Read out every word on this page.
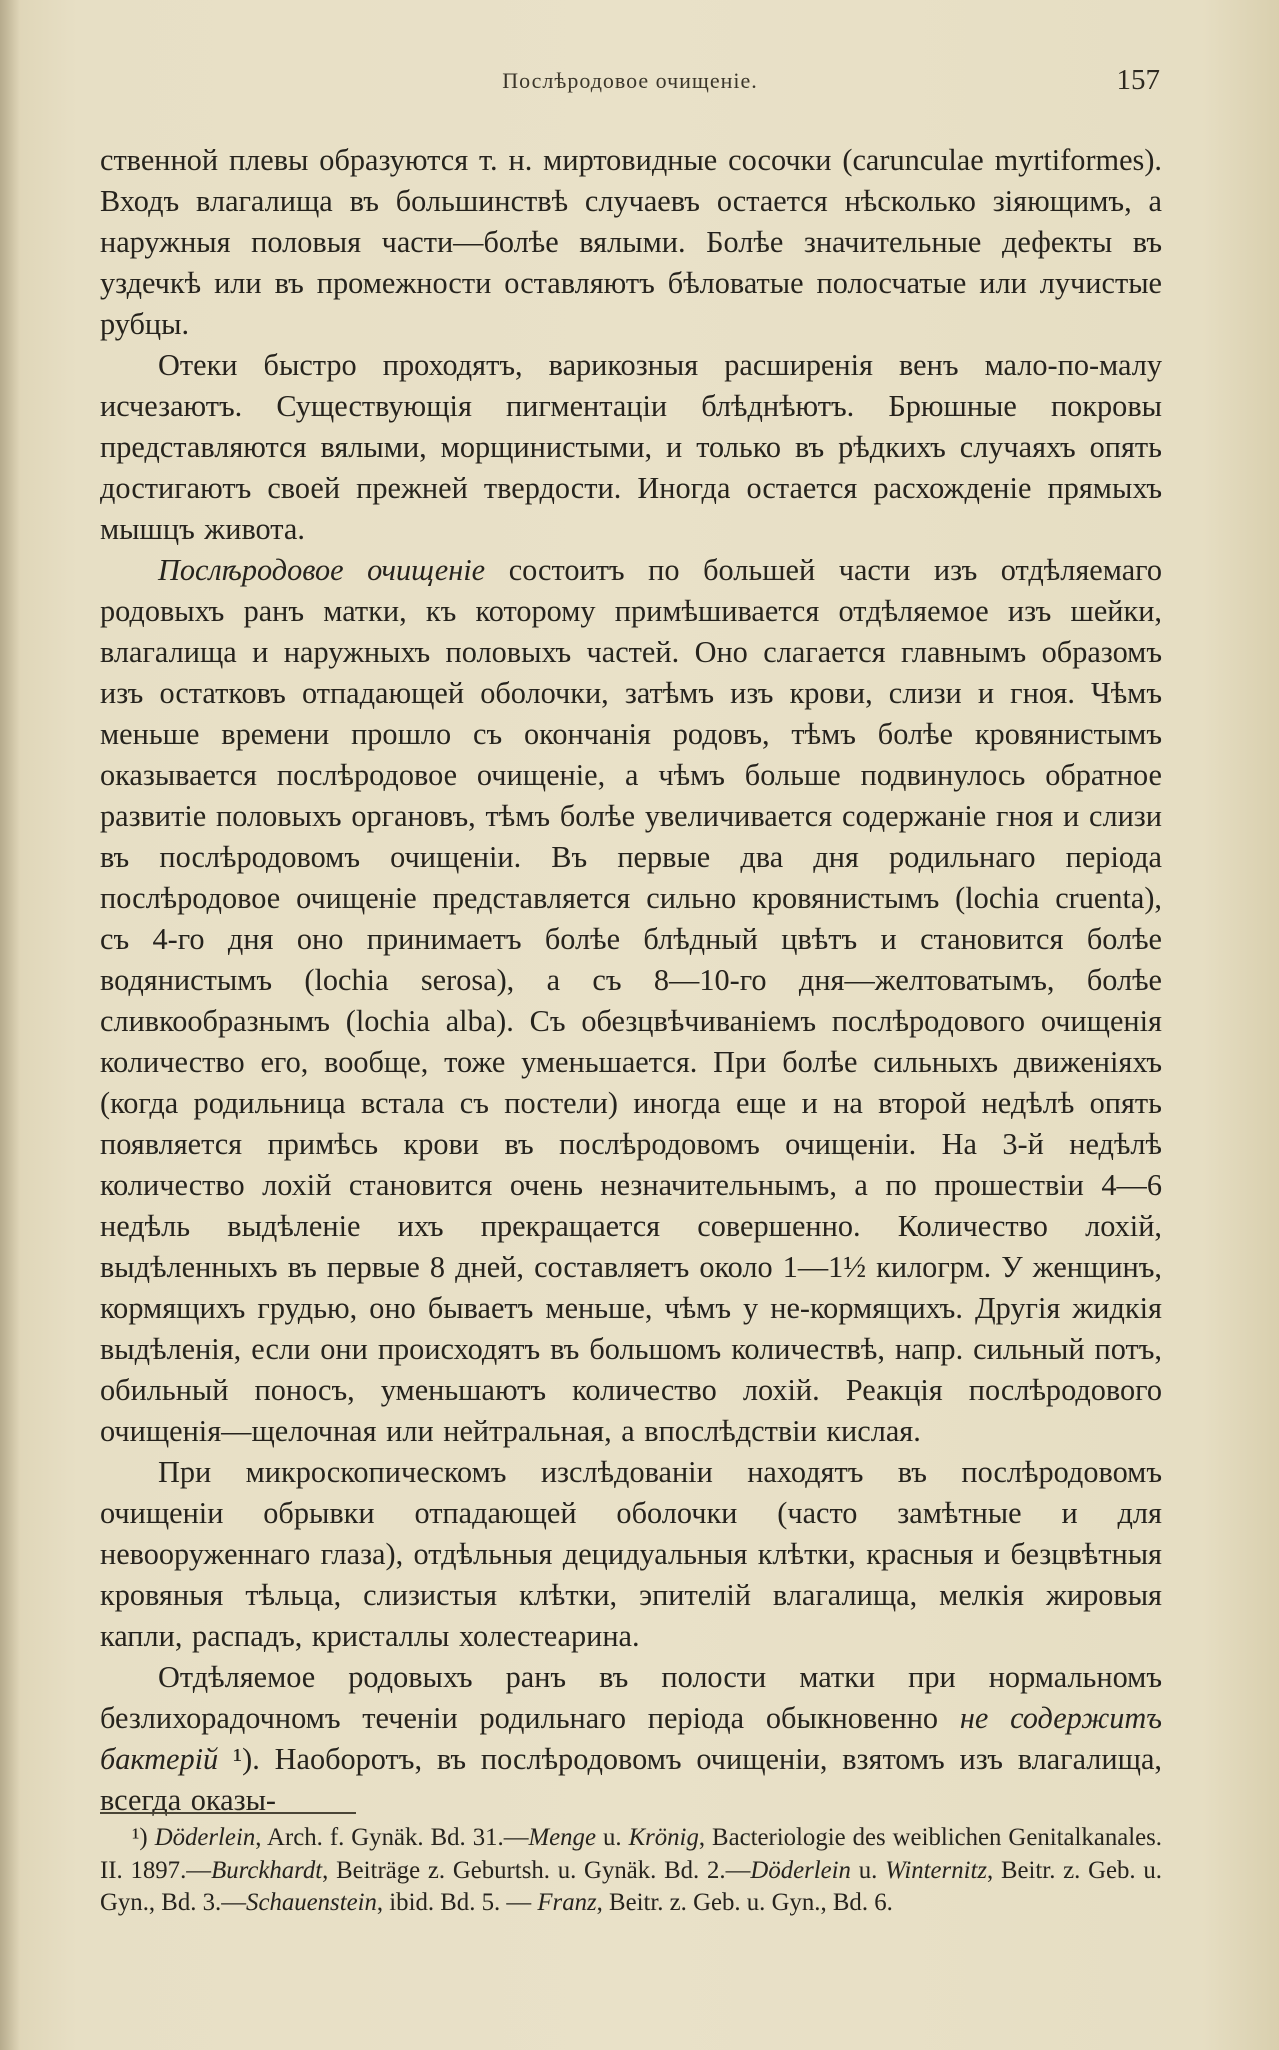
Послѣродовое очищеніе.	157

ственной плевы образуются т. н. миртовидные сосочки (carunculae myrtiformes). Входъ влагалища въ большинствѣ случаевъ остается нѣсколько зіяющимъ, а наружныя половыя части—болѣе вялыми. Болѣе значительные дефекты въ уздечкѣ или въ промежности оставляютъ бѣловатые полосчатые или лучистые рубцы.

Отеки быстро проходятъ, варикозныя расширенія венъ мало-по-малу исчезаютъ. Существующія пигментаціи блѣднѣютъ. Брюшные покровы представляются вялыми, морщинистыми, и только въ рѣдкихъ случаяхъ опять достигаютъ своей прежней твердости. Иногда остается расхожденіе прямыхъ мышцъ живота.

Послѣродовое очищеніе состоитъ по большей части изъ отдѣляемаго родовыхъ ранъ матки, къ которому примѣшивается отдѣляемое изъ шейки, влагалища и наружныхъ половыхъ частей. Оно слагается главнымъ образомъ изъ остатковъ отпадающей оболочки, затѣмъ изъ крови, слизи и гноя. Чѣмъ меньше времени прошло съ окончанія родовъ, тѣмъ болѣе кровянистымъ оказывается послѣродовое очищеніе, а чѣмъ больше подвинулось обратное развитіе половыхъ органовъ, тѣмъ болѣе увеличивается содержаніе гноя и слизи въ послѣродовомъ очищеніи. Въ первые два дня родильнаго періода послѣродовое очищеніе представляется сильно кровянистымъ (lochia cruenta), съ 4-го дня оно принимаетъ болѣе блѣдный цвѣтъ и становится болѣе водянистымъ (lochia serosa), а съ 8—10-го дня—желтоватымъ, болѣе сливкообразнымъ (lochia alba). Съ обезцвѣчиваніемъ послѣродового очищенія количество его, вообще, тоже уменьшается. При болѣе сильныхъ движеніяхъ (когда родильница встала съ постели) иногда еще и на второй недѣлѣ опять появляется примѣсь крови въ послѣродовомъ очищеніи. На 3-й недѣлѣ количество лохій становится очень незначительнымъ, а по прошествіи 4—6 недѣль выдѣленіе ихъ прекращается совершенно. Количество лохій, выдѣленныхъ въ первые 8 дней, составляетъ около 1—1½ килогрм. У женщинъ, кормящихъ грудью, оно бываетъ меньше, чѣмъ у не-кормящихъ. Другія жидкія выдѣленія, если они происходятъ въ большомъ количествѣ, напр. сильный потъ, обильный поносъ, уменьшаютъ количество лохій. Реакція послѣродового очищенія—щелочная или нейтральная, а впослѣдствіи кислая.

При микроскопическомъ изслѣдованіи находятъ въ послѣродовомъ очищеніи обрывки отпадающей оболочки (часто замѣтные и для невооруженнаго глаза), отдѣльныя децидуальныя клѣтки, красныя и безцвѣтныя кровяныя тѣльца, слизистыя клѣтки, эпителій влагалища, мелкія жировыя капли, распадъ, кристаллы холестеарина.

Отдѣляемое родовыхъ ранъ въ полости матки при нормальномъ безлихорадочномъ теченіи родильнаго періода обыкновенно не содержитъ бактерій ¹). Наоборотъ, въ послѣродовомъ очищеніи, взятомъ изъ влагалища, всегда оказы-

¹) Döderlein, Arch. f. Gynäk. Bd. 31.—Menge u. Krönig, Bacteriologie des weiblichen Genitalkanales. II. 1897.—Burckhardt, Beiträge z. Geburtsh. u. Gynäk. Bd. 2.—Döderlein u. Winternitz, Beitr. z. Geb. u. Gyn., Bd. 3.—Schauenstein, ibid. Bd. 5. — Franz, Beitr. z. Geb. u. Gyn., Bd. 6.
